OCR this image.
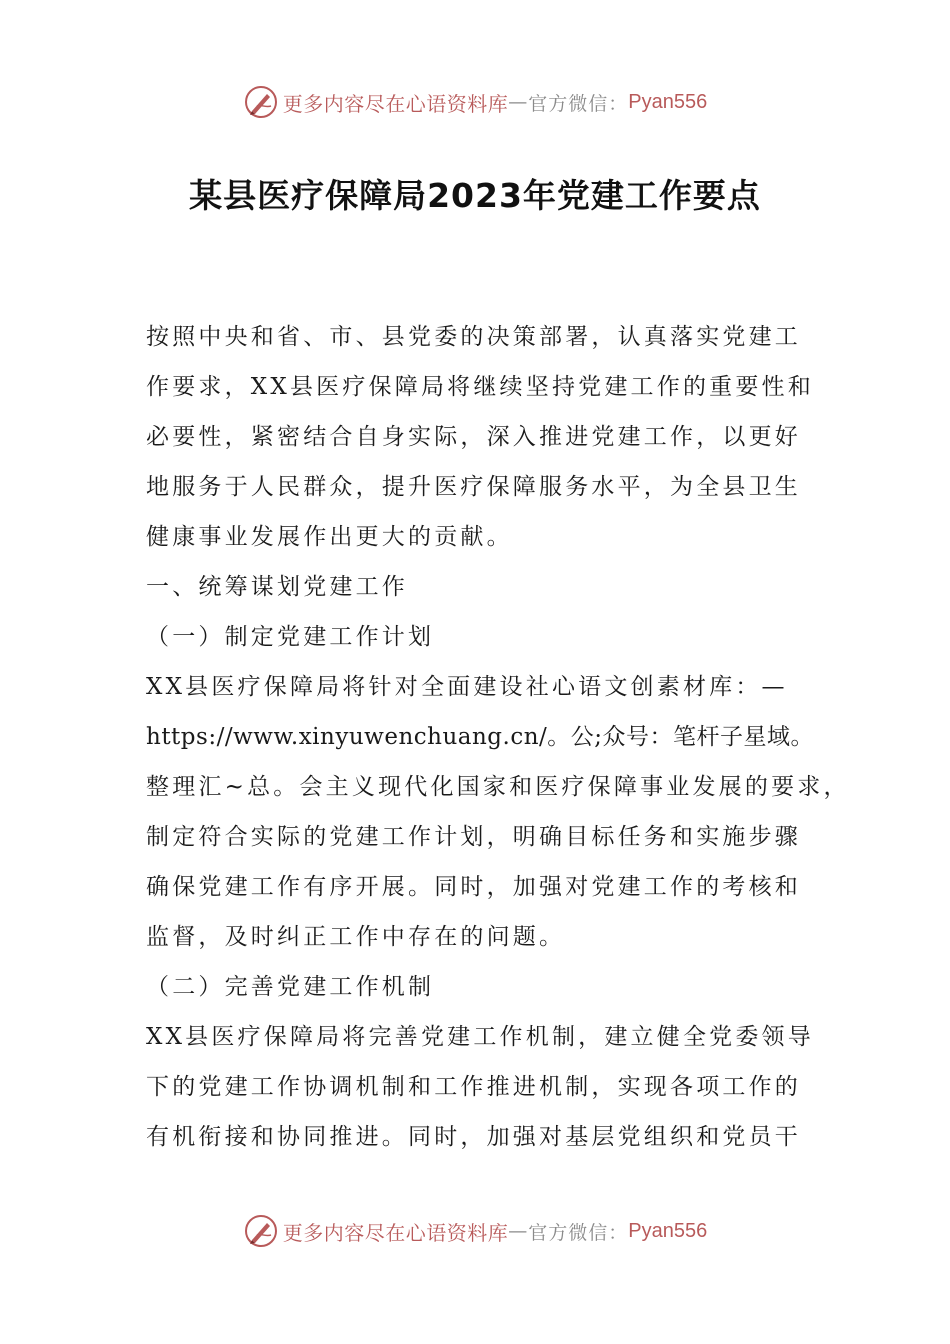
更多内容尽在心语资料库 — 官方微信： Pyan556
某县医疗保障局2023年党建工作要点
按照中央和省、市、县党委的决策部署，认真落实党建工
作要求，XX县医疗保障局将继续坚持党建工作的重要性和
必要性，紧密结合自身实际，深入推进党建工作，以更好
地服务于人民群众，提升医疗保障服务水平，为全县卫生
健康事业发展作出更大的贡献。
一、统筹谋划党建工作
（一）制定党建工作计划
XX县医疗保障局将针对全面建设社心语文创素材库：—
https://www.xinyuwenchuang.cn/。公;众号：笔杆子星域。
整理汇~总。会主义现代化国家和医疗保障事业发展的要求，
制定符合实际的党建工作计划，明确目标任务和实施步骤
确保党建工作有序开展。同时，加强对党建工作的考核和
监督，及时纠正工作中存在的问题。
（二）完善党建工作机制
XX县医疗保障局将完善党建工作机制，建立健全党委领导
下的党建工作协调机制和工作推进机制，实现各项工作的
有机衔接和协同推进。同时，加强对基层党组织和党员干
更多内容尽在心语资料库 — 官方微信： Pyan556
